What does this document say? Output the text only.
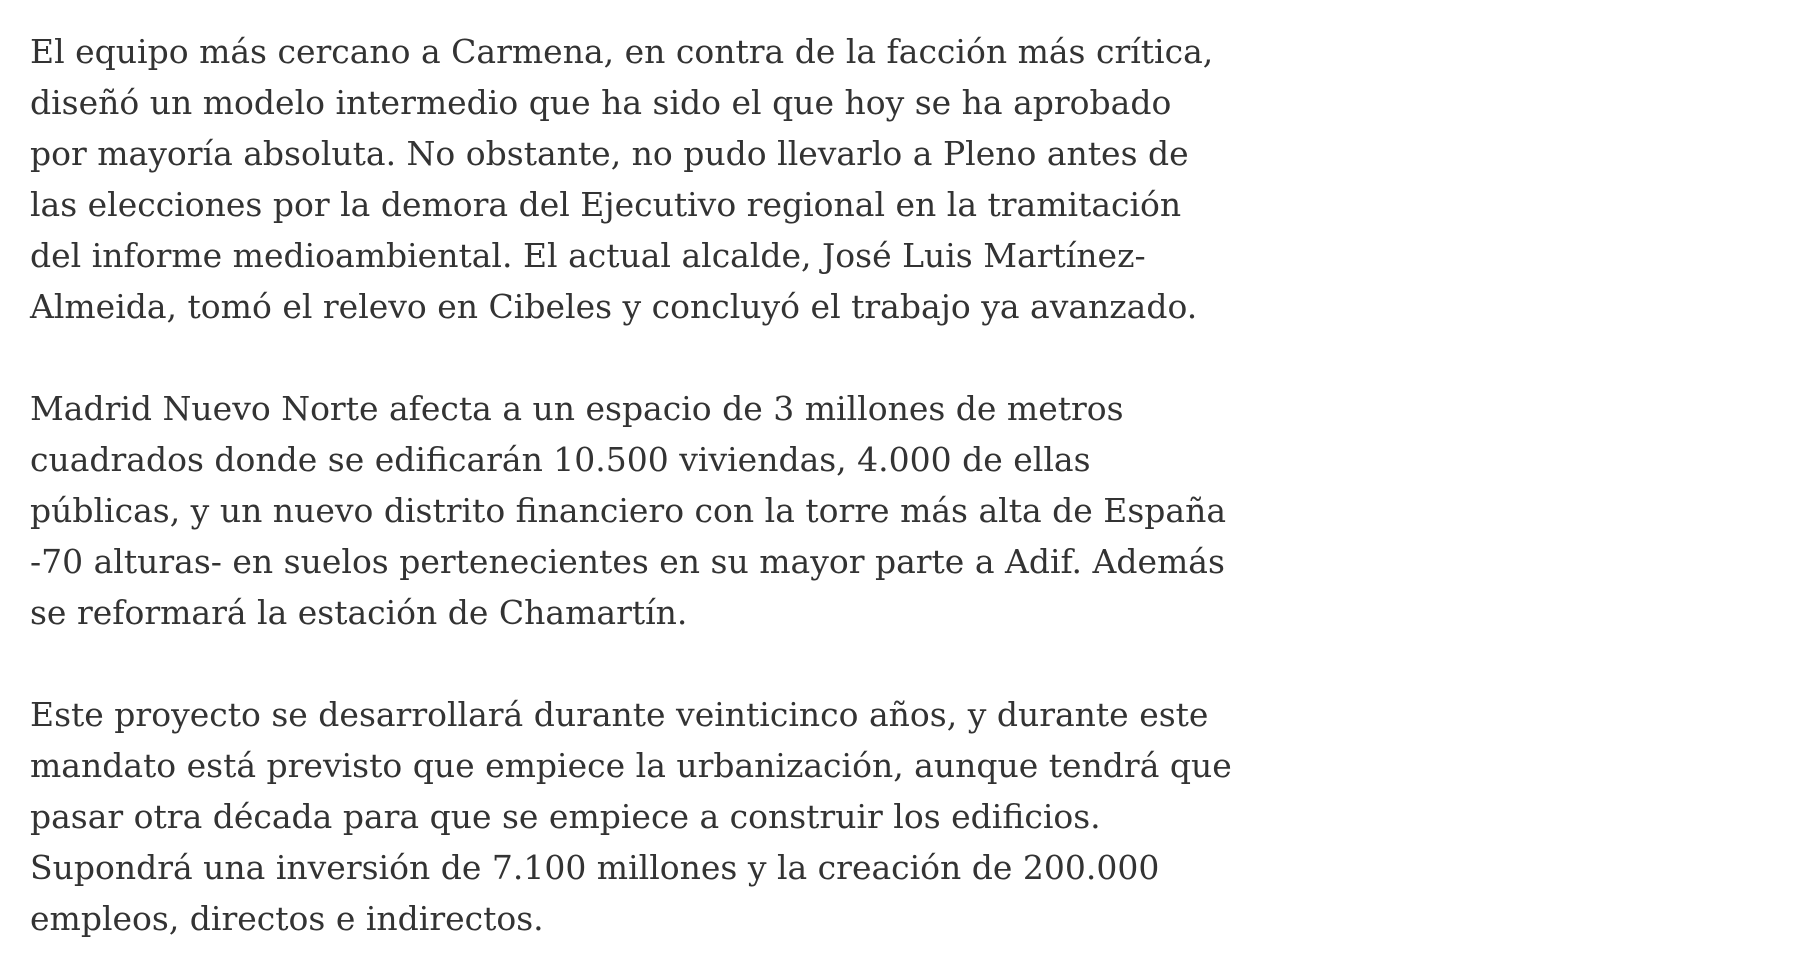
El equipo más cercano a Carmena, en contra de la facción más crítica,
diseñó un modelo intermedio que ha sido el que hoy se ha aprobado
por mayoría absoluta. No obstante, no pudo llevarlo a Pleno antes de
las elecciones por la demora del Ejecutivo regional en la tramitación
del informe medioambiental. El actual alcalde, José Luis Martínez-
Almeida, tomó el relevo en Cibeles y concluyó el trabajo ya avanzado.

Madrid Nuevo Norte afecta a un espacio de 3 millones de metros
cuadrados donde se edificarán 10.500 viviendas, 4.000 de ellas
públicas, y un nuevo distrito financiero con la torre más alta de España
-70 alturas- en suelos pertenecientes en su mayor parte a Adif. Además
se reformará la estación de Chamartín.

Este proyecto se desarrollará durante veinticinco años, y durante este
mandato está previsto que empiece la urbanización, aunque tendrá que
pasar otra década para que se empiece a construir los edificios.
Supondrá una inversión de 7.100 millones y la creación de 200.000
empleos, directos e indirectos.
